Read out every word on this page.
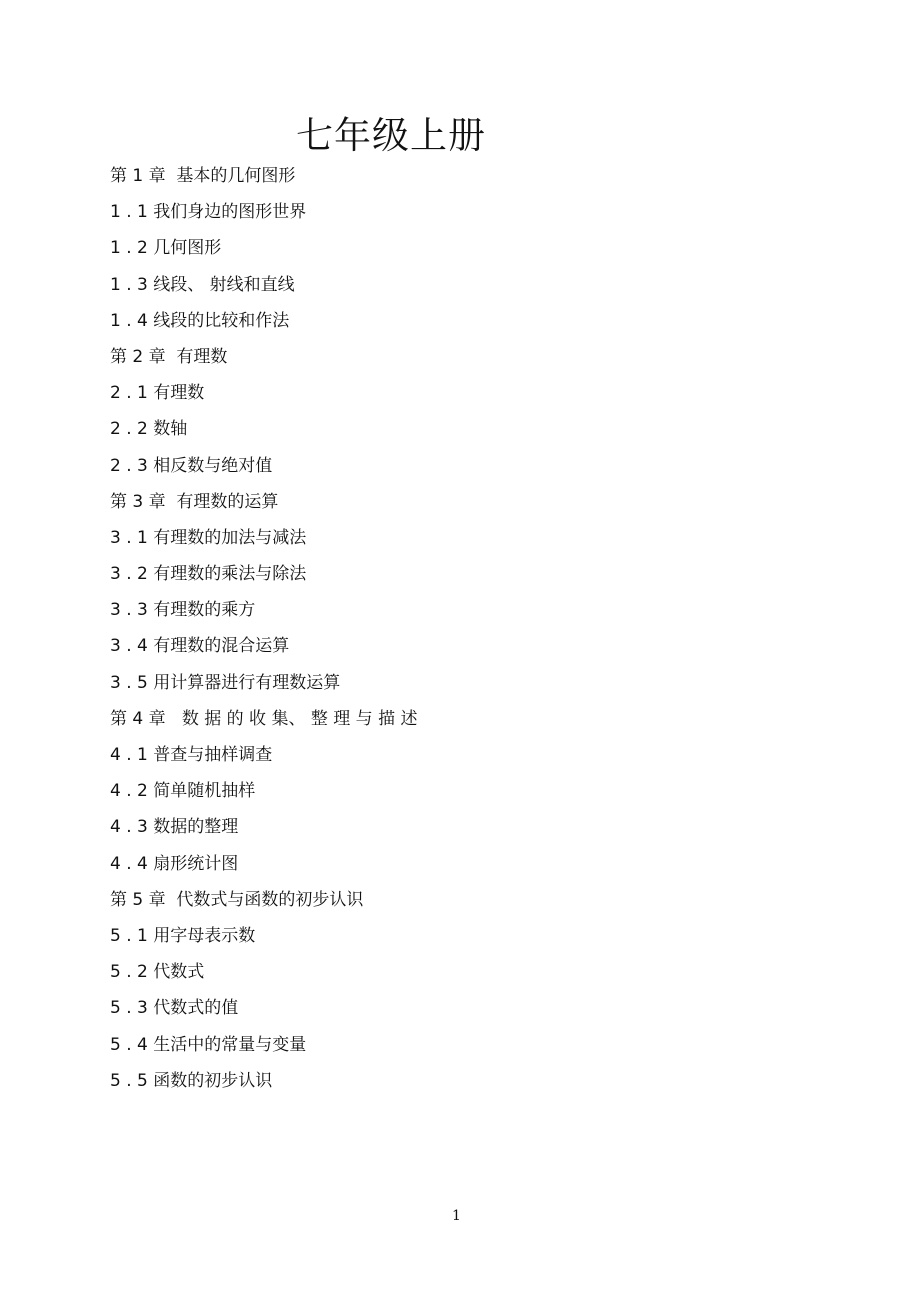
七年级上册
第 1 章  基本的几何图形
1 . 1 我们身边的图形世界
1 . 2 几何图形
1 . 3 线段、 射线和直线
1 . 4 线段的比较和作法
第 2 章  有理数
2 . 1 有理数
2 . 2 数轴
2 . 3 相反数与绝对值
第 3 章  有理数的运算
3 . 1 有理数的加法与减法
3 . 2 有理数的乘法与除法
3 . 3 有理数的乘方
3 . 4 有理数的混合运算
3 . 5 用计算器进行有理数运算
第 4 章   数 据 的 收 集、 整 理 与 描 述
4 . 1 普查与抽样调查
4 . 2 简单随机抽样
4 . 3 数据的整理
4 . 4 扇形统计图
第 5 章  代数式与函数的初步认识
5 . 1 用字母表示数
5 . 2 代数式
5 . 3 代数式的值
5 . 4 生活中的常量与变量
5 . 5 函数的初步认识
1
